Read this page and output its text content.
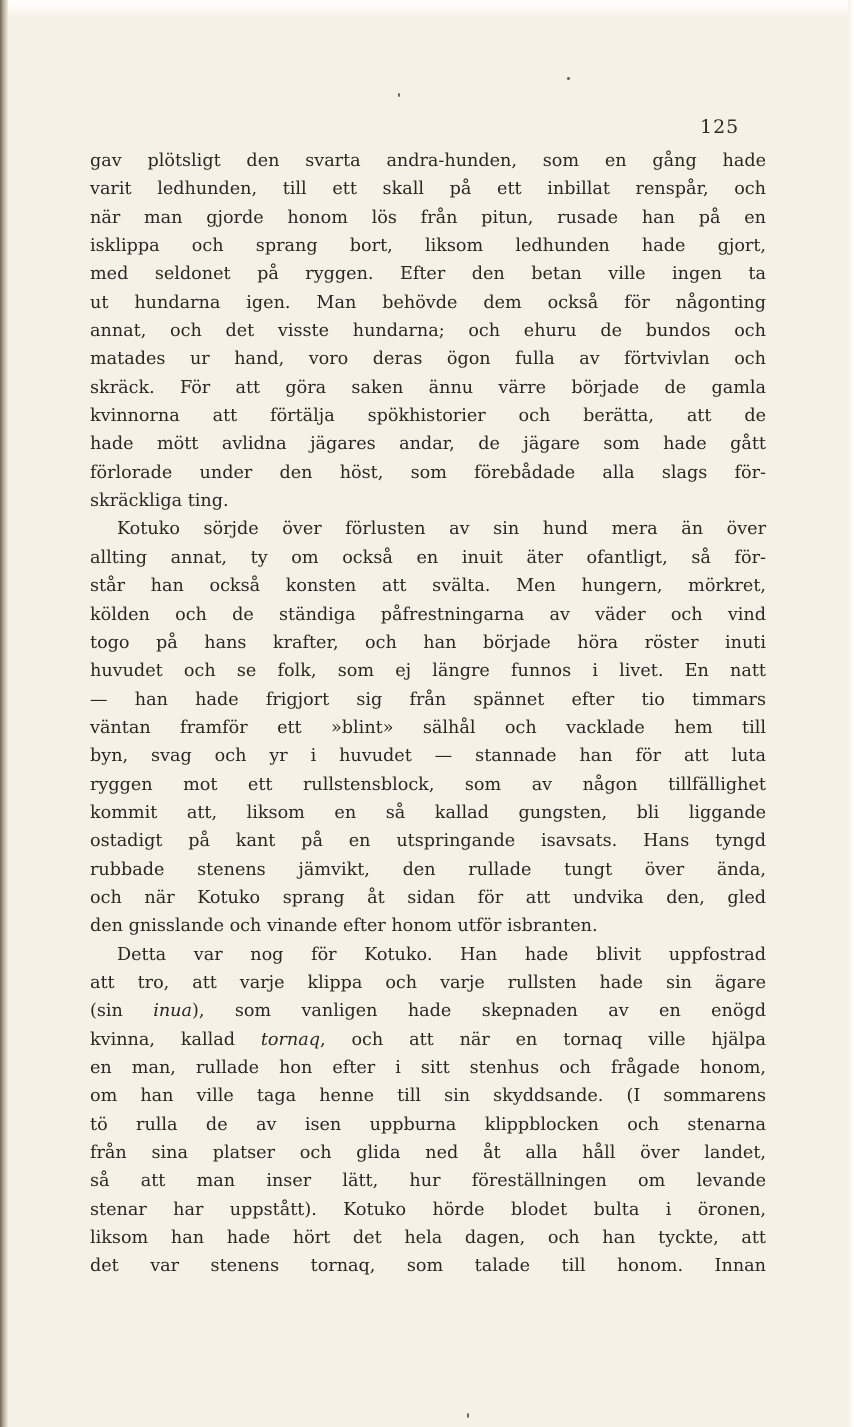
125
gav plötsligt den svarta andra-hunden, som en gång hade
varit ledhunden, till ett skall på ett inbillat renspår, och
när man gjorde honom lös från pitun, rusade han på en
isklippa och sprang bort, liksom ledhunden hade gjort,
med seldonet på ryggen. Efter den betan ville ingen ta
ut hundarna igen. Man behövde dem också för någonting
annat, och det visste hundarna; och ehuru de bundos och
matades ur hand, voro deras ögon fulla av förtvivlan och
skräck. För att göra saken ännu värre började de gamla
kvinnorna att förtälja spökhistorier och berätta, att de
hade mött avlidna jägares andar, de jägare som hade gått
förlorade under den höst, som förebådade alla slags för-
skräckliga ting.
Kotuko sörjde över förlusten av sin hund mera än över
allting annat, ty om också en inuit äter ofantligt, så för-
står han också konsten att svälta. Men hungern, mörkret,
kölden och de ständiga påfrestningarna av väder och vind
togo på hans krafter, och han började höra röster inuti
huvudet och se folk, som ej längre funnos i livet. En natt
— han hade frigjort sig från spännet efter tio timmars
väntan framför ett »blint» sälhål och vacklade hem till
byn, svag och yr i huvudet — stannade han för att luta
ryggen mot ett rullstensblock, som av någon tillfällighet
kommit att, liksom en så kallad gungsten, bli liggande
ostadigt på kant på en utspringande isavsats. Hans tyngd
rubbade stenens jämvikt, den rullade tungt över ända,
och när Kotuko sprang åt sidan för att undvika den, gled
den gnisslande och vinande efter honom utför isbranten.
Detta var nog för Kotuko. Han hade blivit uppfostrad
att tro, att varje klippa och varje rullsten hade sin ägare
(sin inua), som vanligen hade skepnaden av en enögd
kvinna, kallad tornaq, och att när en tornaq ville hjälpa
en man, rullade hon efter i sitt stenhus och frågade honom,
om han ville taga henne till sin skyddsande. (I sommarens
tö rulla de av isen uppburna klippblocken och stenarna
från sina platser och glida ned åt alla håll över landet,
så att man inser lätt, hur föreställningen om levande
stenar har uppstått). Kotuko hörde blodet bulta i öronen,
liksom han hade hört det hela dagen, och han tyckte, att
det var stenens tornaq, som talade till honom. Innan
